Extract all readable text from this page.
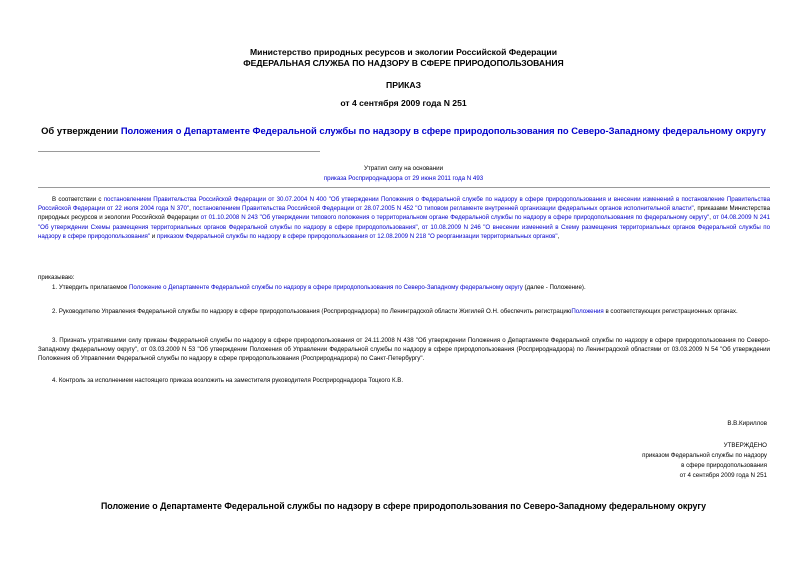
Министерство природных ресурсов и экологии Российской Федерации
ФЕДЕРАЛЬНАЯ СЛУЖБА ПО НАДЗОРУ В СФЕРЕ ПРИРОДОПОЛЬЗОВАНИЯ
ПРИКАЗ
от 4 сентября 2009 года N 251
Об утверждении Положения о Департаменте Федеральной службы по надзору в сфере природопользования по Северо-Западному федеральному округу
Утратил силу на основании
приказа Росприроднадзора от 29 июня 2011 года N 493
В соответствии с постановлением Правительства Российской Федерации от 30.07.2004 N 400 "Об утверждении Положения о Федеральной службе по надзору в сфере природопользования и внесении изменений в постановление Правительства Российской Федерации от 22 июля 2004 года N 370", постановлением Правительства Российской Федерации от 28.07.2005 N 452 "О типовом регламенте внутренней организации федеральных органов исполнительной власти", приказами Министерства природных ресурсов и экологии Российской Федерации от 01.10.2008 N 243 "Об утверждении типового положения о территориальном органе Федеральной службы по надзору в сфере природопользования по федеральному округу", от 04.08.2009 N 241 "Об утверждении Схемы размещения территориальных органов Федеральной службы по надзору в сфере природопользования", от 10.08.2009 N 246 "О внесении изменений в Схему размещения территориальных органов Федеральной службы по надзору в сфере природопользования" и приказом Федеральной службы по надзору в сфере природопользования от 12.08.2009 N 218 "О реорганизации территориальных органов",
приказываю:
1. Утвердить прилагаемое Положение о Департаменте Федеральной службы по надзору в сфере природопользования по Северо-Западному федеральному округу (далее - Положение).
2. Руководителю Управления Федеральной службы по надзору в сфере природопользования (Росприроднадзора) по Ленинградской области Жигилей О.Н. обеспечить регистрациюПоложения в соответствующих регистрационных органах.
3. Признать утратившими силу приказы Федеральной службы по надзору в сфере природопользования от 24.11.2008 N 438 "Об утверждении Положения о Департаменте Федеральной службы по надзору в сфере природопользования по Северо-Западному федеральному округу", от 03.03.2009 N 53 "Об утверждении Положения об Управлении Федеральной службы по надзору в сфере природопользования (Росприроднадзора) по Ленинградской областями от 03.03.2009 N 54 "Об утверждении Положения об Управлении Федеральной службы по надзору в сфере природопользования (Росприроднадзора) по Санкт-Петербургу".
4. Контроль за исполнением настоящего приказа возложить на заместителя руководителя Росприроднадзора Тоцкого К.В.
В.В.Кириллов
УТВЕРЖДЕНО
приказом Федеральной службы по надзору
в сфере природопользования
от 4 сентября 2009 года N 251
Положение о Департаменте Федеральной службы по надзору в сфере природопользования по Северо-Западному федеральному округу
